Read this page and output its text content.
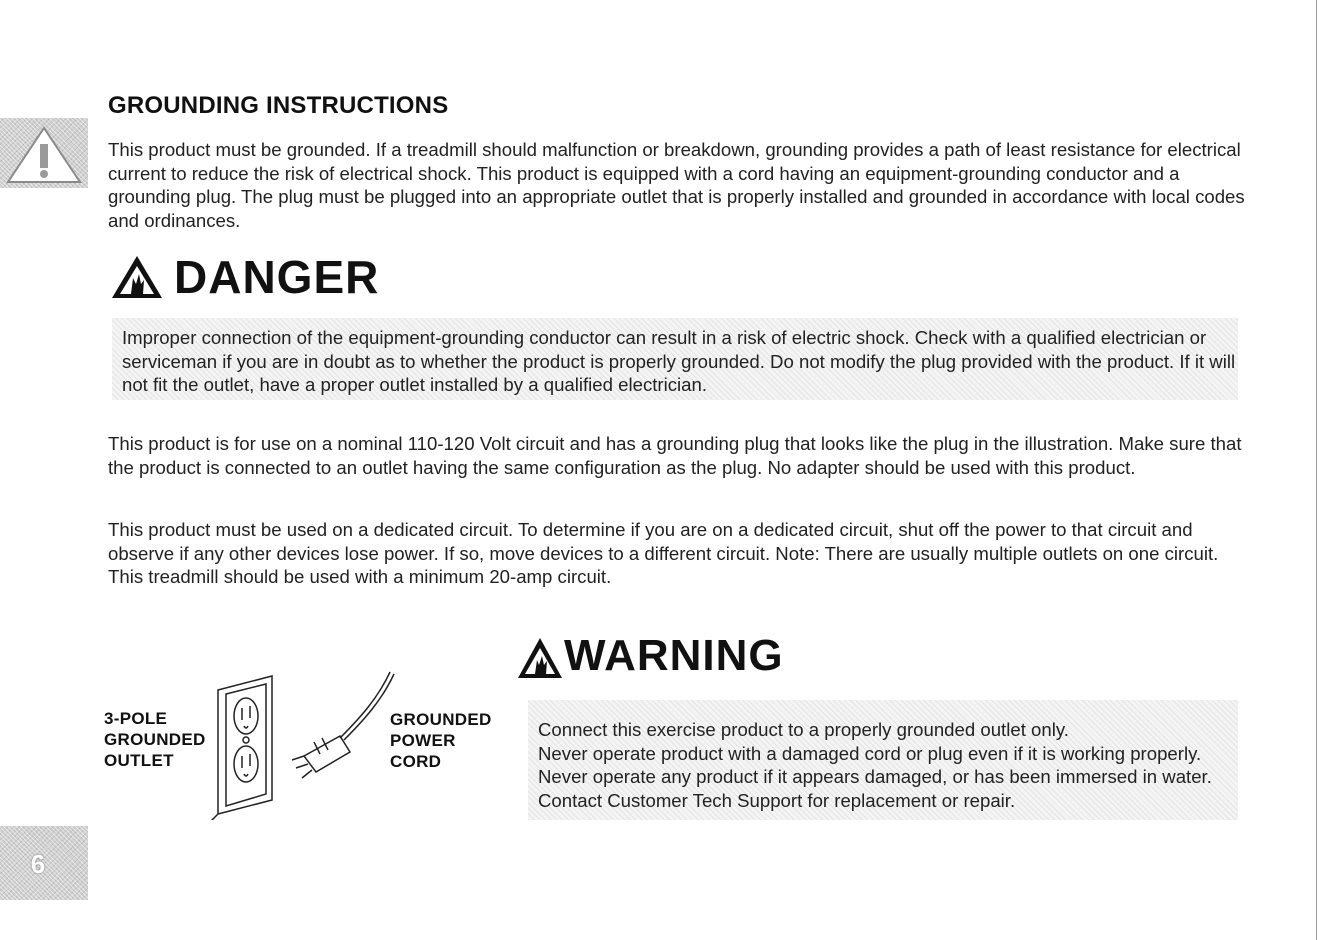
GROUNDING INSTRUCTIONS

This product must be grounded. If a treadmill should malfunction or breakdown, grounding provides a path of least resistance for electrical current to reduce the risk of electrical shock. This product is equipped with a cord having an equipment-grounding conductor and a grounding plug. The plug must be plugged into an appropriate outlet that is properly installed and grounded in accordance with local codes and ordinances.

DANGER
Improper connection of the equipment-grounding conductor can result in a risk of electric shock. Check with a qualified electrician or serviceman if you are in doubt as to whether the product is properly grounded. Do not modify the plug provided with the product. If it will not fit the outlet, have a proper outlet installed by a qualified electrician.

This product is for use on a nominal 110-120 Volt circuit and has a grounding plug that looks like the plug in the illustration. Make sure that the product is connected to an outlet having the same configuration as the plug. No adapter should be used with this product.

This product must be used on a dedicated circuit. To determine if you are on a dedicated circuit, shut off the power to that circuit and observe if any other devices lose power. If so, move devices to a different circuit. Note: There are usually multiple outlets on one circuit. This treadmill should be used with a minimum 20-amp circuit.

3-POLE
GROUNDED
OUTLET
GROUNDED
POWER
CORD
WARNING

Connect this exercise product to a properly grounded outlet only.

Never operate product with a damaged cord or plug even if it is working properly. Never operate any product if it appears damaged, or has been immersed in water. Contact Customer Tech Support for replacement or repair.

6
